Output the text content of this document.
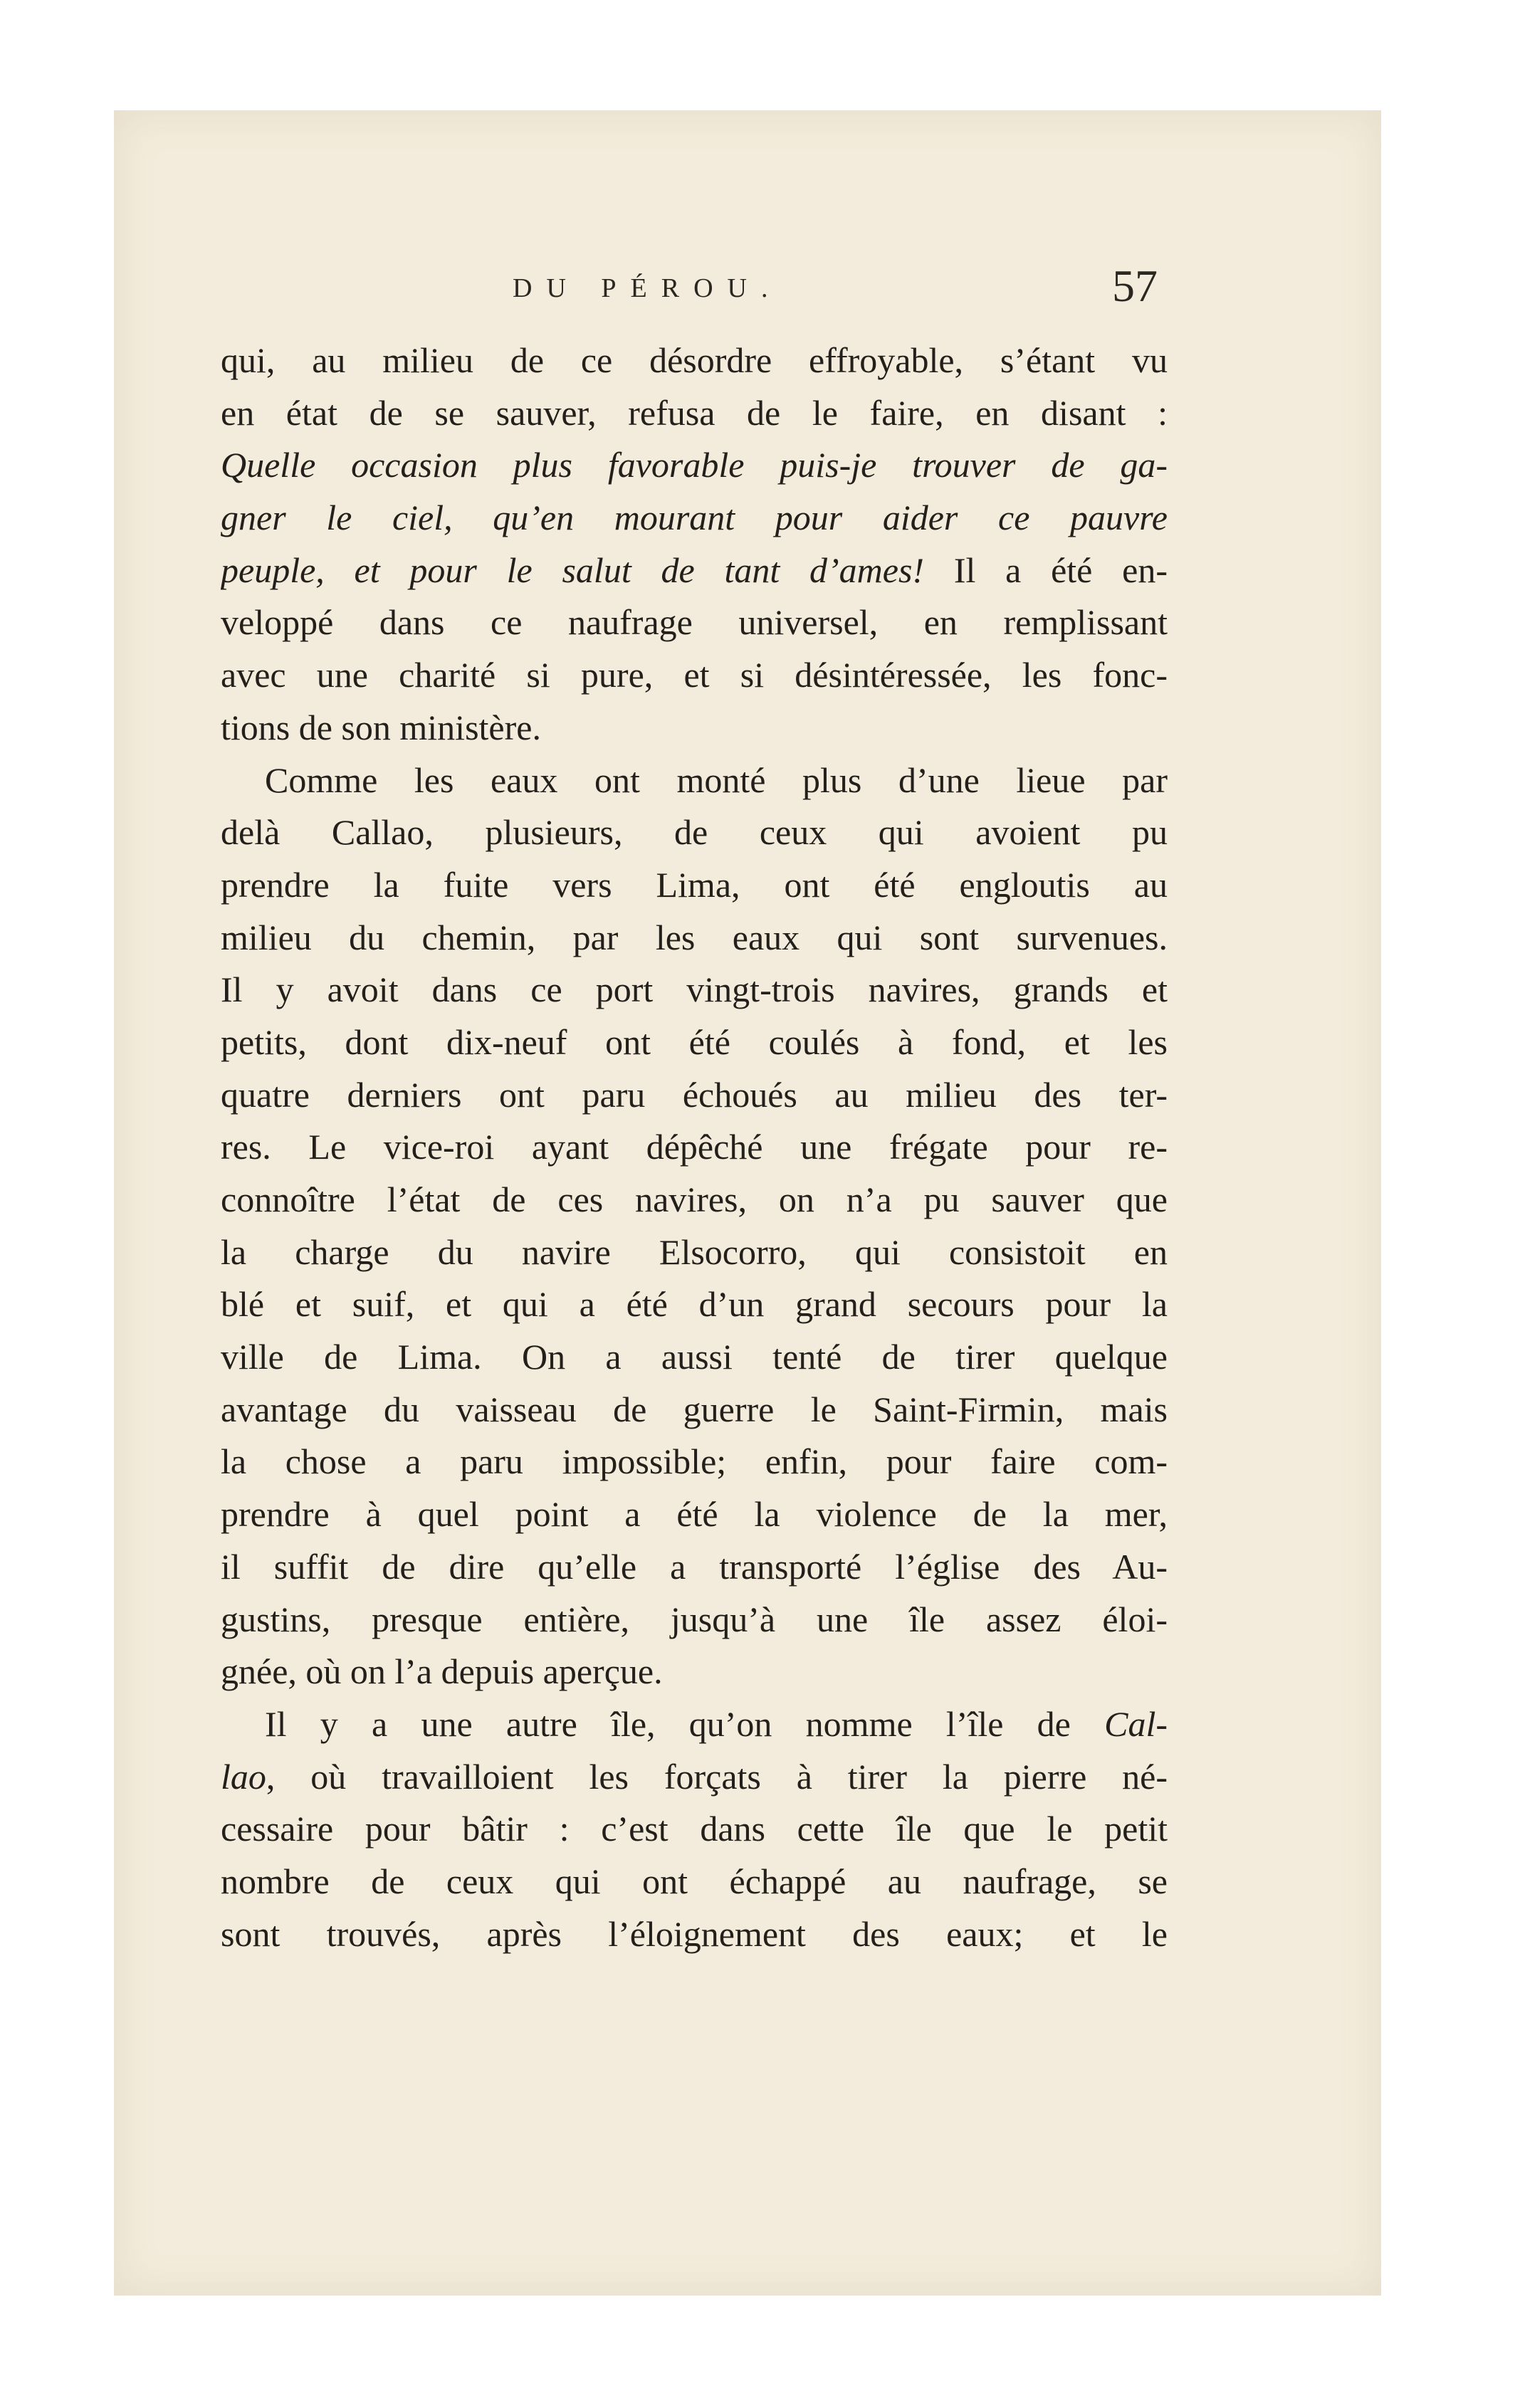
DU PÉROU.	57
qui, au milieu de ce désordre effroyable, s’étant vu
en état de se sauver, refusa de le faire, en disant :
Quelle occasion plus favorable puis-je trouver de ga-
gner le ciel, qu’en mourant pour aider ce pauvre
peuple, et pour le salut de tant d’ames! Il a été en-
veloppé dans ce naufrage universel, en remplissant
avec une charité si pure, et si désintéressée, les fonc-
tions de son ministère.
Comme les eaux ont monté plus d’une lieue par
delà Callao, plusieurs, de ceux qui avoient pu
prendre la fuite vers Lima, ont été engloutis au
milieu du chemin, par les eaux qui sont survenues.
Il y avoit dans ce port vingt-trois navires, grands et
petits, dont dix-neuf ont été coulés à fond, et les
quatre derniers ont paru échoués au milieu des ter-
res. Le vice-roi ayant dépêché une frégate pour re-
connoître l’état de ces navires, on n’a pu sauver que
la charge du navire Elsocorro, qui consistoit en
blé et suif, et qui a été d’un grand secours pour la
ville de Lima. On a aussi tenté de tirer quelque
avantage du vaisseau de guerre le Saint-Firmin, mais
la chose a paru impossible; enfin, pour faire com-
prendre à quel point a été la violence de la mer,
il suffit de dire qu’elle a transporté l’église des Au-
gustins, presque entière, jusqu’à une île assez éloi-
gnée, où on l’a depuis aperçue.
Il y a une autre île, qu’on nomme l’île de Cal-
lao, où travailloient les forçats à tirer la pierre né-
cessaire pour bâtir : c’est dans cette île que le petit
nombre de ceux qui ont échappé au naufrage, se
sont trouvés, après l’éloignement des eaux; et le
